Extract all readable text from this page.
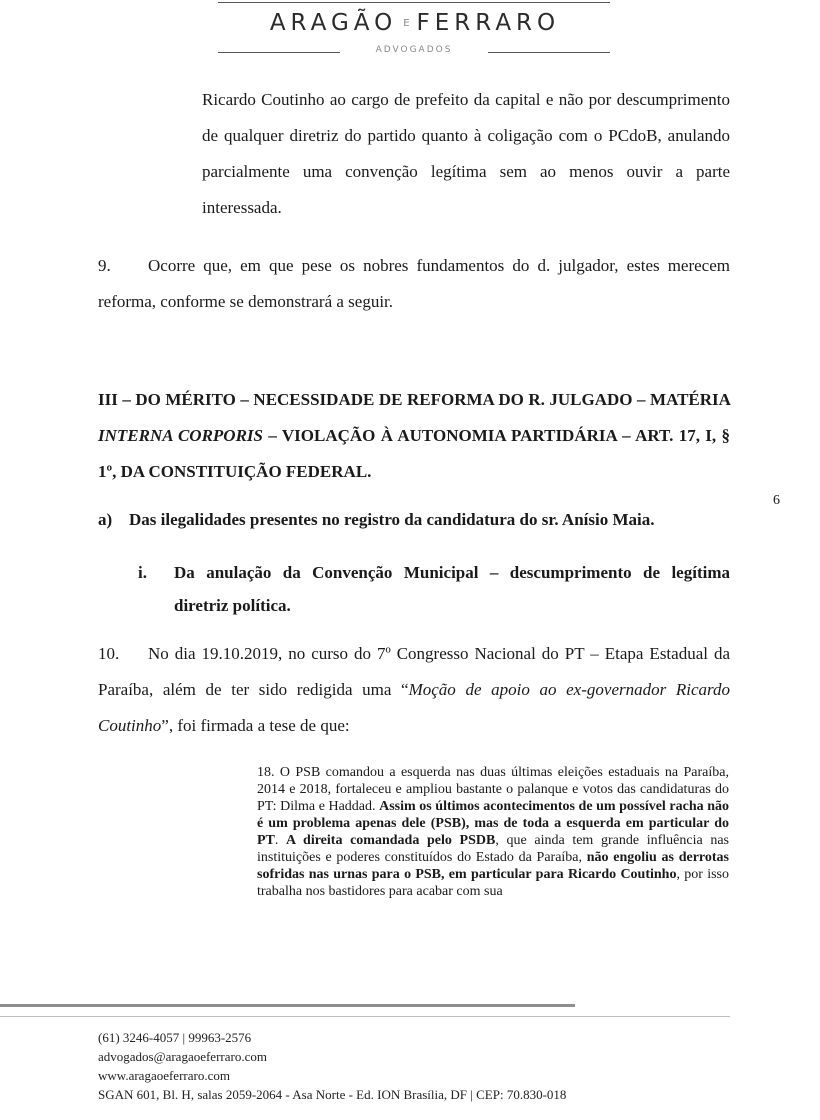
ARAGÃO E FERRARO
ADVOGADOS
Ricardo Coutinho ao cargo de prefeito da capital e não por descumprimento de qualquer diretriz do partido quanto à coligação com o PCdoB, anulando parcialmente uma convenção legítima sem ao menos ouvir a parte interessada.
9. Ocorre que, em que pese os nobres fundamentos do d. julgador, estes merecem reforma, conforme se demonstrará a seguir.
III – DO MÉRITO – NECESSIDADE DE REFORMA DO R. JULGADO – MATÉRIA INTERNA CORPORIS – VIOLAÇÃO À AUTONOMIA PARTIDÁRIA – ART. 17, I, § 1º, DA CONSTITUIÇÃO FEDERAL.
6
a) Das ilegalidades presentes no registro da candidatura do sr. Anísio Maia.
i. Da anulação da Convenção Municipal – descumprimento de legítima diretriz política.
10. No dia 19.10.2019, no curso do 7º Congresso Nacional do PT – Etapa Estadual da Paraíba, além de ter sido redigida uma “Moção de apoio ao ex-governador Ricardo Coutinho”, foi firmada a tese de que:
18. O PSB comandou a esquerda nas duas últimas eleições estaduais na Paraíba, 2014 e 2018, fortaleceu e ampliou bastante o palanque e votos das candidaturas do PT: Dilma e Haddad. Assim os últimos acontecimentos de um possível racha não é um problema apenas dele (PSB), mas de toda a esquerda em particular do PT. A direita comandada pelo PSDB, que ainda tem grande influência nas instituições e poderes constituídos do Estado da Paraíba, não engoliu as derrotas sofridas nas urnas para o PSB, em particular para Ricardo Coutinho, por isso trabalha nos bastidores para acabar com sua
(61) 3246-4057 | 99963-2576
advogados@aragaoeferraro.com
www.aragaoeferraro.com
SGAN 601, Bl. H, salas 2059-2064 - Asa Norte - Ed. ION Brasília, DF | CEP: 70.830-018
